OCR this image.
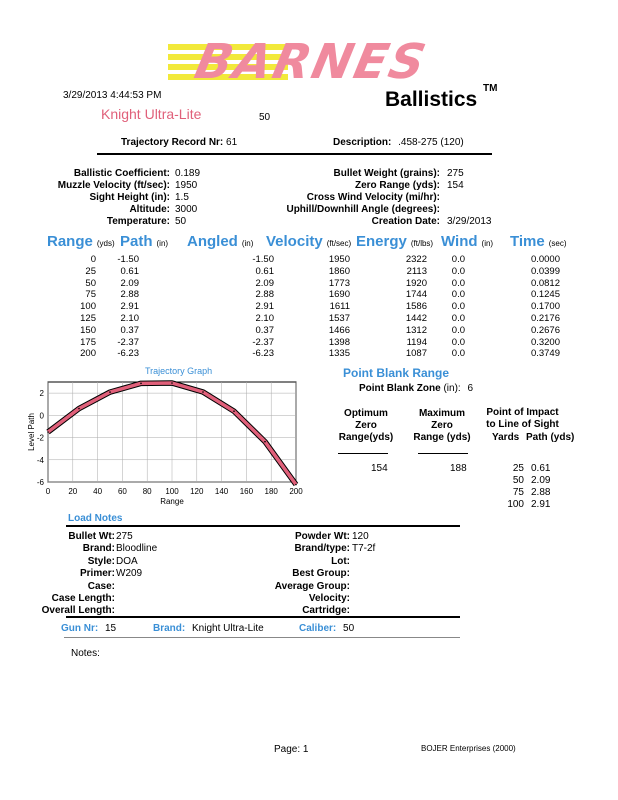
BARNES
3/29/2013 4:44:53 PM	Ballistics TM
Knight Ultra-Lite	50
Trajectory Record Nr: 61	Description: .458-275 (120)
Ballistic Coefficient: 0.189
Muzzle Velocity (ft/sec): 1950
Sight Height (in): 1.5
Altitude: 3000
Temperature: 50
Bullet Weight (grains): 275
Zero Range (yds): 154
Cross Wind Velocity (mi/hr):
Uphill/Downhill Angle (degrees):
Creation Date: 3/29/2013
Range (yds) Path (in) Angled (in) Velocity (ft/sec) Energy (ft/lbs) Wind (in) Time (sec)
0	-1.50	-1.50	1950	2322	0.0	0.0000
25	0.61	0.61	1860	2113	0.0	0.0399
50	2.09	2.09	1773	1920	0.0	0.0812
75	2.88	2.88	1690	1744	0.0	0.1245
100	2.91	2.91	1611	1586	0.0	0.1700
125	2.10	2.10	1537	1442	0.0	0.2176
150	0.37	0.37	1466	1312	0.0	0.2676
175	-2.37	-2.37	1398	1194	0.0	0.3200
200	-6.23	-6.23	1335	1087	0.0	0.3749
Trajectory Graph
0 20 40 60 80 100 120 140 160 180 200
2
0
-2
-4
-6
Range
Level Path
Point Blank Range
Point Blank Zone (in): 6
Optimum
Zero
Range(yds)
Maximum
Zero
Range (yds)
Point of Impact
to Line of Sight
Yards Path (yds)
154	188	25 0.61
50 2.09
75 2.88
100 2.91
Load Notes
Bullet Wt: 275
Brand: Bloodline
Style: DOA
Primer: W209
Case:
Case Length:
Overall Length:
Powder Wt: 120
Brand/type: T7-2f
Lot:
Best Group:
Average Group:
Velocity:
Cartridge:
Gun Nr: 15	Brand: Knight Ultra-Lite	Caliber: 50
Notes:
Page: 1	BOJER Enterprises (2000)
